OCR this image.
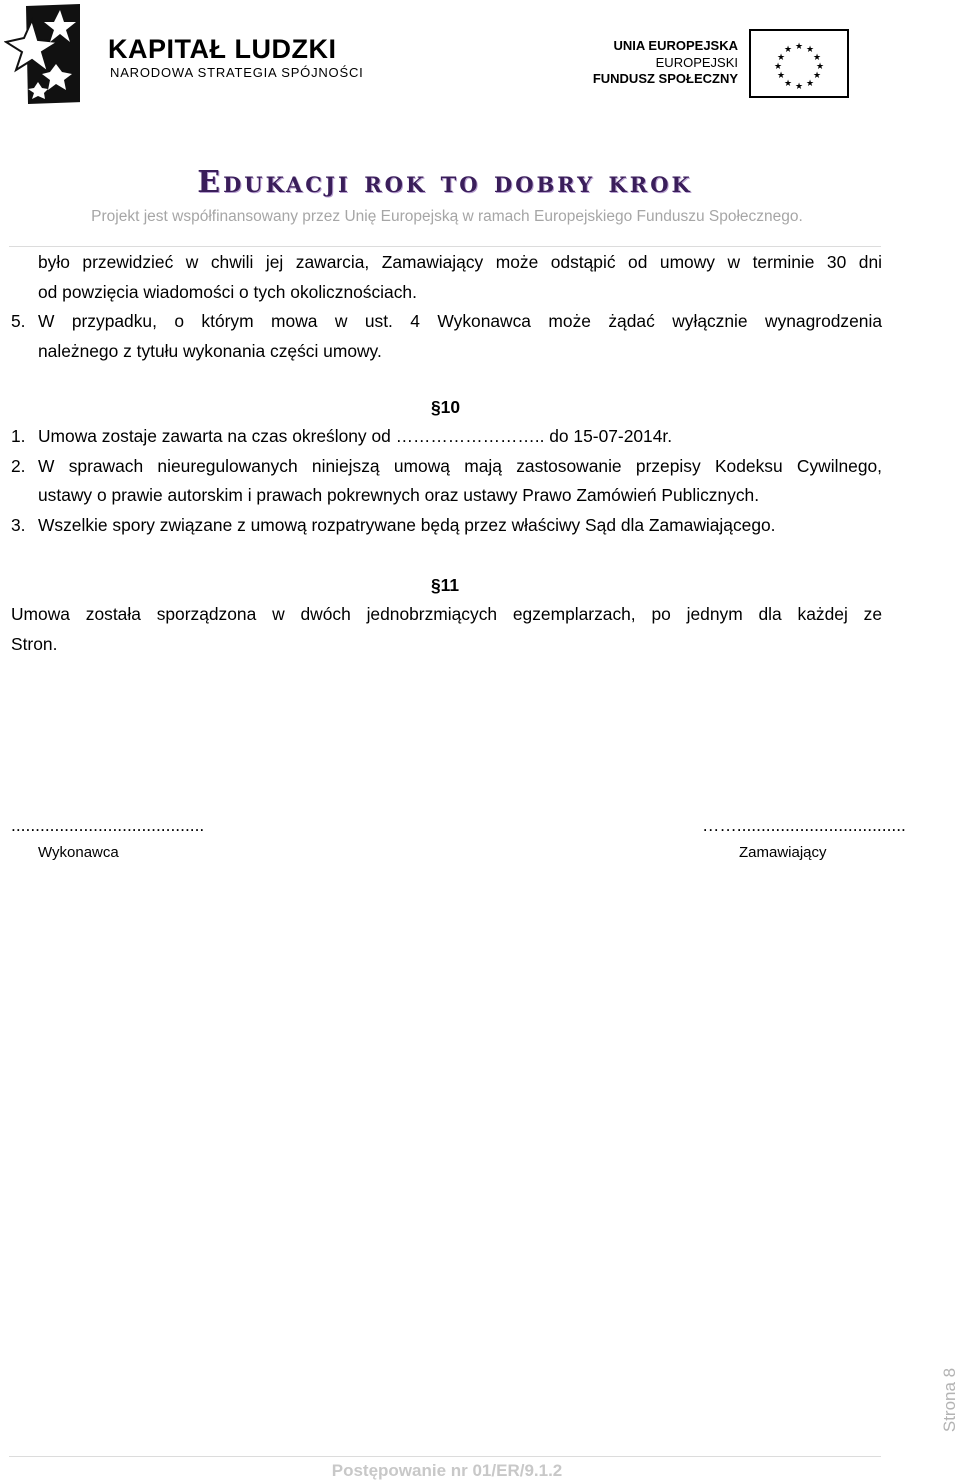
KAPITAŁ LUDZKI
NARODOWA STRATEGIA SPÓJNOŚCI
UNIA EUROPEJSKA
EUROPEJSKI
FUNDUSZ SPOŁECZNY
★ ★
★
★
★
★
★
★
★
★
★
★
Edukacji rok to dobry krok
Projekt jest współfinansowany przez Unię Europejską w ramach Europejskiego Funduszu Społecznego.
było przewidzieć w chwili jej zawarcia, Zamawiający może odstąpić od umowy w terminie 30 dni
od powzięcia wiadomości o tych okolicznościach.
5. W przypadku, o którym mowa w ust. 4 Wykonawca może żądać wyłącznie wynagrodzenia
należnego z tytułu wykonania części umowy.
§10
1. Umowa zostaje zawarta na czas określony od …………………….. do 15-07-2014r.
2. W sprawach nieuregulowanych niniejszą umową mają zastosowanie przepisy Kodeksu Cywilnego,
ustawy o prawie autorskim i prawach pokrewnych oraz ustawy Prawo Zamówień Publicznych.
3. Wszelkie spory związane z umową rozpatrywane będą przez właściwy Sąd dla Zamawiającego.
§11
Umowa została sporządzona w dwóch jednobrzmiących egzemplarzach, po jednym dla każdej ze
Stron.
........................................
Wykonawca
……...................................
Zamawiający
Strona 8
Postępowanie nr 01/ER/9.1.2
